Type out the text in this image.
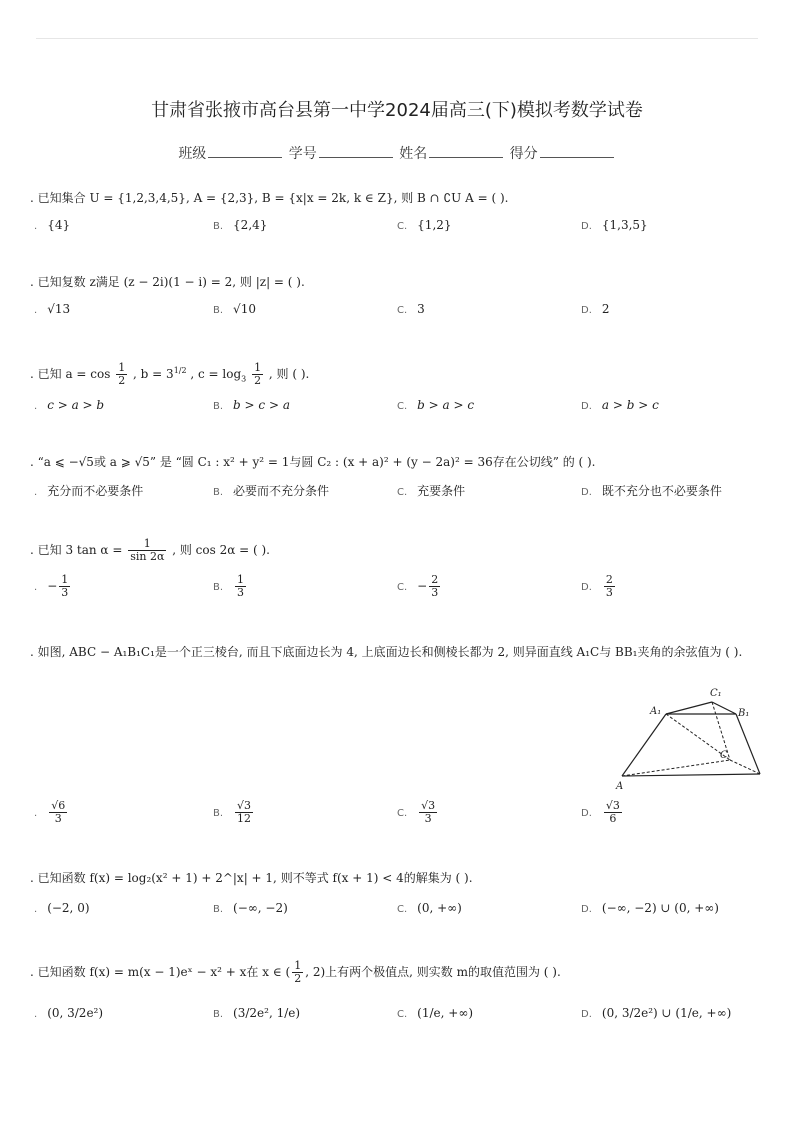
甘肃省张掖市高台县第一中学2024届高三(下)模拟考数学试卷
班级	学号	姓名	得分
. 已知集合 U = {1,2,3,4,5}, A = {2,3}, B = {x|x = 2k, k ∈ Z}, 则 B ∩ ∁U A = ( ).
. {4}	B. {2,4}	C. {1,2}	D. {1,3,5}
. 已知复数 z满足 (z − 2i)(1 − i) = 2, 则 |z| = ( ).
. √13	B. √10	C. 3	D. 2
. 已知 $a = \cos \frac{1}{2}$ , $b = 3^{1/2}$ , $c = \log_3 \frac{1}{2}$ , 则 ( ).
. c > a > b	B. b > c > a	C. b > a > c	D. a > b > c
. “a ⩽ −√5或 a ⩾ √5” 是 “圆 C₁ : x² + y² = 1与圆 C₂ : (x + a)² + (y − 2a)² = 36存在公切线” 的 ( ).
. 充分而不必要条件	B. 必要而不充分条件	C. 充要条件	D. 既不充分也不必要条件
. 已知 3 $\tan \alpha = \frac{1}{\sin 2\alpha}$ , 则 cos 2α = ( ).
. − $\frac{1}{3}$	B. $\frac{1}{3}$	C. − $\frac{2}{3}$	D. $\frac{2}{3}$
. 如图, ABC − A₁B₁C₁是一个正三棱台, 而且下底面边长为 4, 上底面边长和侧棱长都为 2, 则异面直线 A₁C与 BB₁夹角的余弦值为 ( ).
A₁
C₁
B₁
C
A
. $\frac{√6}{3}$	B. $\frac{√3}{12}$	C. $\frac{√3}{3}$	D. $\frac{√3}{6}$
. 已知函数 f(x) = log₂(x² + 1) + 2^|x| + 1, 则不等式 f(x + 1) < 4的解集为 ( ).
. (−2, 0)	B. (−∞, −2)	C. (0, +∞)	D. (−∞, −2) ∪ (0, +∞)
. 已知函数 f(x) = m(x − 1)eˣ − x² + x在 x ∈ ( $\frac{1}{2}$ , 2)上有两个极值点, 则实数 m的取值范围为 ( ).
. (0, 3/2e²)	B. (3/2e², 1/e)	C. (1/e, +∞)	D. (0, 3/2e²) ∪ (1/e, +∞)
